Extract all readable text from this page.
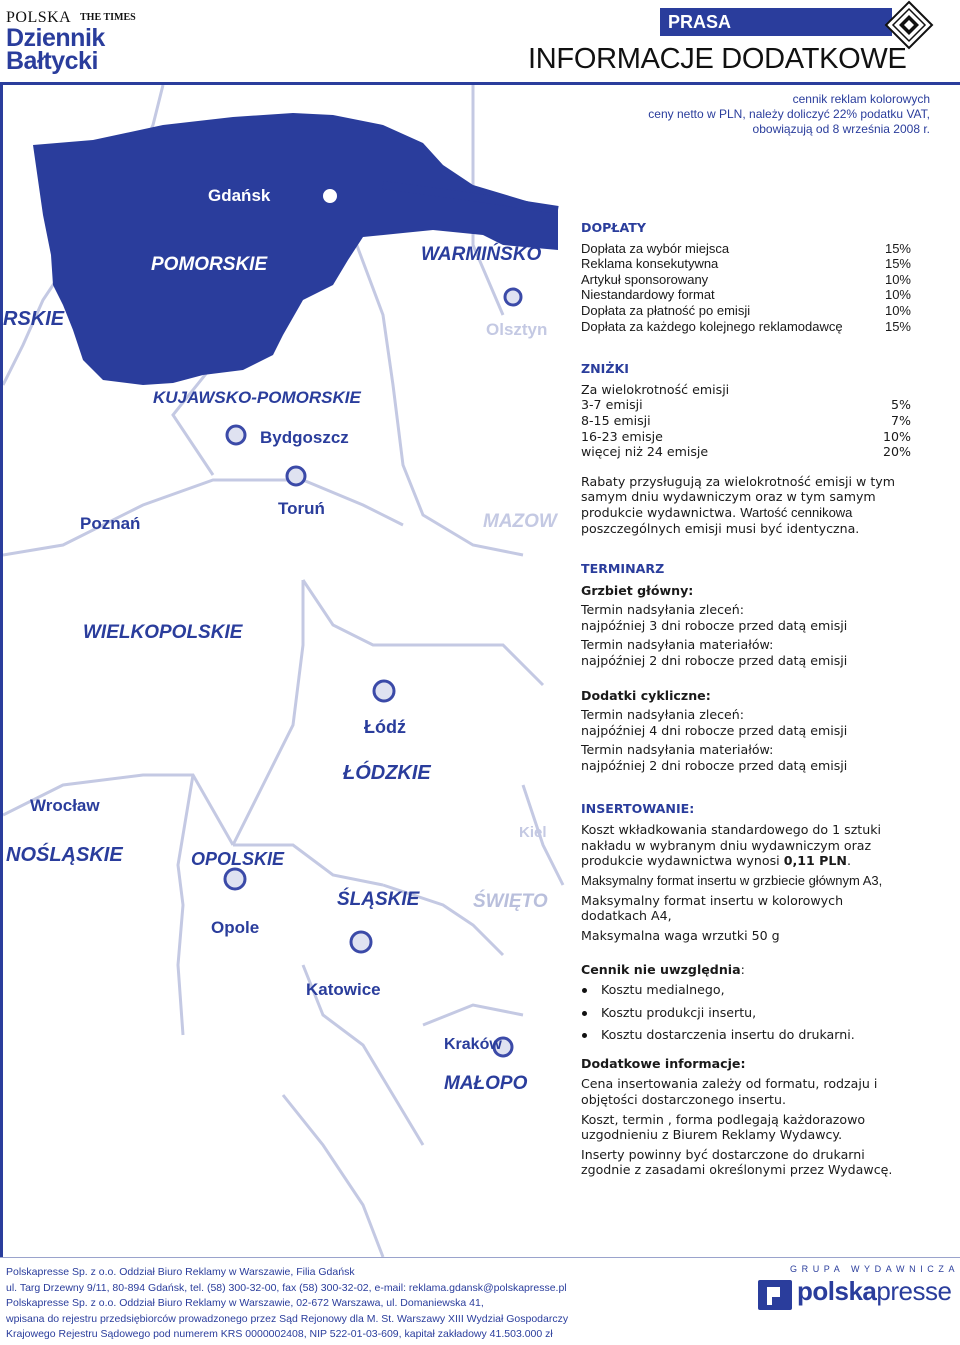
POLSKA THE TIMES
Dziennik
Bałtycki
PRASA
INFORMACJE DODATKOWE
Gdańsk
POMORSKIE	WARMIŃSKO
RSKIE
KUJAWSKO-POMORSKIE
WIELKOPOLSKIE
MAZOW
ŁÓDZKIE
NOŚLĄSKIE	OPOLSKIE
ŚLĄSKIE	ŚWIĘTO
MAŁOPO
Olsztyn
Bydgoszcz
Toruń
Poznań
Łódź
Wrocław
Opole
Katowice
Kraków
Kiel
cennik reklam kolorowych
ceny netto w PLN, należy doliczyć 22% podatku VAT,
obowiązują od 8 września 2008 r.
DOPŁATY
Dopłata za wybór miejsca	15%
Reklama konsekutywna	15%
Artykuł sponsorowany	10%
Niestandardowy format	10%
Dopłata za płatność po emisji	10%
Dopłata za każdego kolejnego reklamodawcę	15%
ZNIŻKI
Za wielokrotność emisji
3-7 emisji	5%
8-15 emisji	7%
16-23 emisje	10%
więcej niż 24 emisje	20%
Rabaty przysługują za wielokrotność emisji w tym samym dniu wydawniczym oraz w tym samym produkcie wydawnictwa. Wartość cennikowa poszczególnych emisji musi być identyczna.
TERMINARZ
Grzbiet główny:
Termin nadsyłania zleceń:
najpóźniej 3 dni robocze przed datą emisji
Termin nadsyłania materiałów:
najpóźniej 2 dni robocze przed datą emisji
Dodatki cykliczne:
Termin nadsyłania zleceń:
najpóźniej 4 dni robocze przed datą emisji
Termin nadsyłania materiałów:
najpóźniej 2 dni robocze przed datą emisji
INSERTOWANIE:
Koszt wkładkowania standardowego do 1 sztuki nakładu w wybranym dniu wydawniczym oraz produkcie wydawnictwa wynosi 0,11 PLN.
Maksymalny format insertu w grzbiecie głównym A3,
Maksymalny format insertu w kolorowych dodatkach A4,
Maksymalna waga wrzutki 50 g
Cennik nie uwzględnia:
Kosztu medialnego,
Kosztu produkcji insertu,
Kosztu dostarczenia insertu do drukarni.
Dodatkowe informacje:
Cena insertowania zależy od formatu, rodzaju i objętości dostarczonego insertu.
Koszt, termin , forma podlegają każdorazowo uzgodnieniu z Biurem Reklamy Wydawcy.
Inserty powinny być dostarczone do drukarni zgodnie z zasadami określonymi przez Wydawcę.
Polskapresse Sp. z o.o. Oddział Biuro Reklamy w Warszawie, Filia Gdańsk
ul. Targ Drzewny 9/11, 80-894 Gdańsk, tel. (58) 300-32-00, fax (58) 300-32-02, e-mail: reklama.gdansk@polskapresse.pl
Polskapresse Sp. z o.o. Oddział Biuro Reklamy w Warszawie, 02-672 Warszawa, ul. Domaniewska 41,
wpisana do rejestru przedsiębiorców prowadzonego przez Sąd Rejonowy dla M. St. Warszawy XIII Wydział Gospodarczy
Krajowego Rejestru Sądowego pod numerem KRS 0000002408, NIP 522-01-03-609, kapitał zakładowy 41.503.000 zł
GRUPA WYDAWNICZA
polskapresse
